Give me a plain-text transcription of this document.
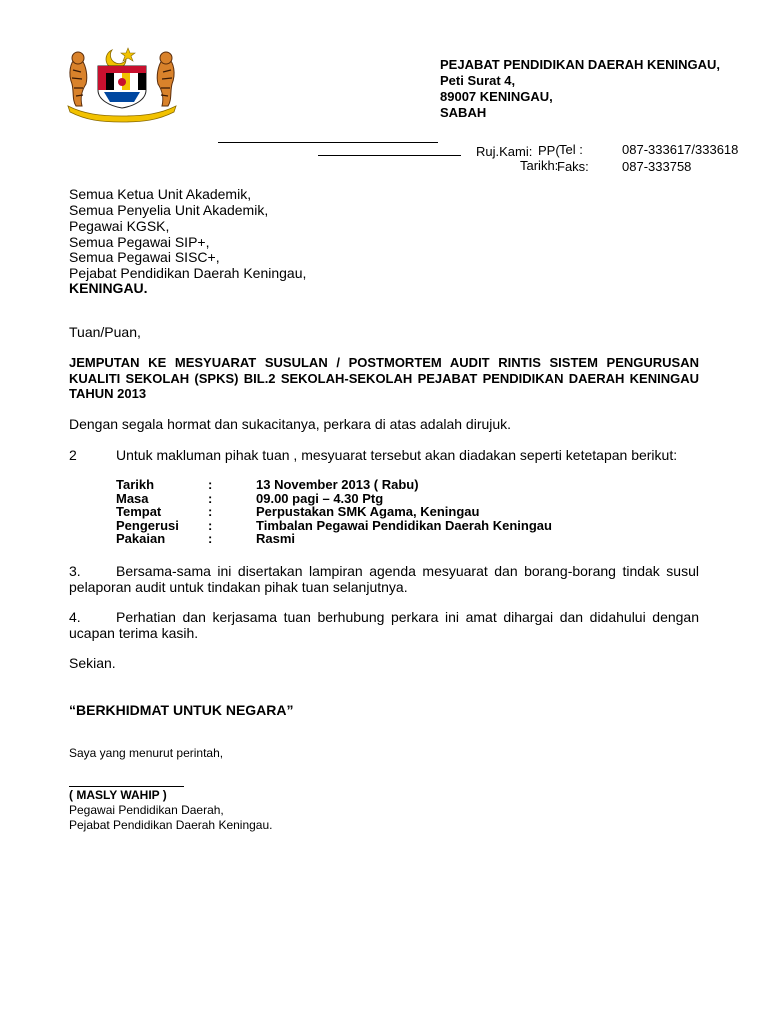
PEJABAT PENDIDIKAN DAERAH KENINGAU,
Peti Surat 4,
89007 KENINGAU,
SABAH
Ruj.Kami: PP( Tel :	087-333617/333618
Tarikh:
Faks:	087-333758
Semua Ketua Unit Akademik,
Semua Penyelia Unit Akademik,
Pegawai KGSK,
Semua Pegawai SIP+,
Semua Pegawai SISC+,
Pejabat Pendidikan Daerah Keningau,
KENINGAU.
Tuan/Puan,
JEMPUTAN KE MESYUARAT SUSULAN / POSTMORTEM AUDIT RINTIS SISTEM PENGURUSAN KUALITI SEKOLAH (SPKS) BIL.2 SEKOLAH-SEKOLAH PEJABAT PENDIDIKAN DAERAH KENINGAU TAHUN 2013
Dengan segala hormat dan sukacitanya, perkara di atas adalah dirujuk.
2	Untuk makluman pihak tuan , mesyuarat tersebut akan diadakan seperti ketetapan berikut:
Tarikh	:	13 November 2013 ( Rabu)
Masa	:	09.00 pagi – 4.30 Ptg
Tempat	:	Perpustakan SMK Agama, Keningau
Pengerusi	:	Timbalan Pegawai Pendidikan Daerah Keningau
Pakaian	:	Rasmi
3.	Bersama-sama ini disertakan lampiran agenda mesyuarat dan borang-borang tindak susul pelaporan audit untuk tindakan pihak tuan selanjutnya.
4.	Perhatian dan kerjasama tuan berhubung perkara ini amat dihargai dan didahului dengan ucapan terima kasih.
Sekian.
“BERKHIDMAT UNTUK NEGARA”
Saya yang menurut perintah,
( MASLY WAHIP )
Pegawai Pendidikan Daerah,
Pejabat Pendidikan Daerah Keningau.
